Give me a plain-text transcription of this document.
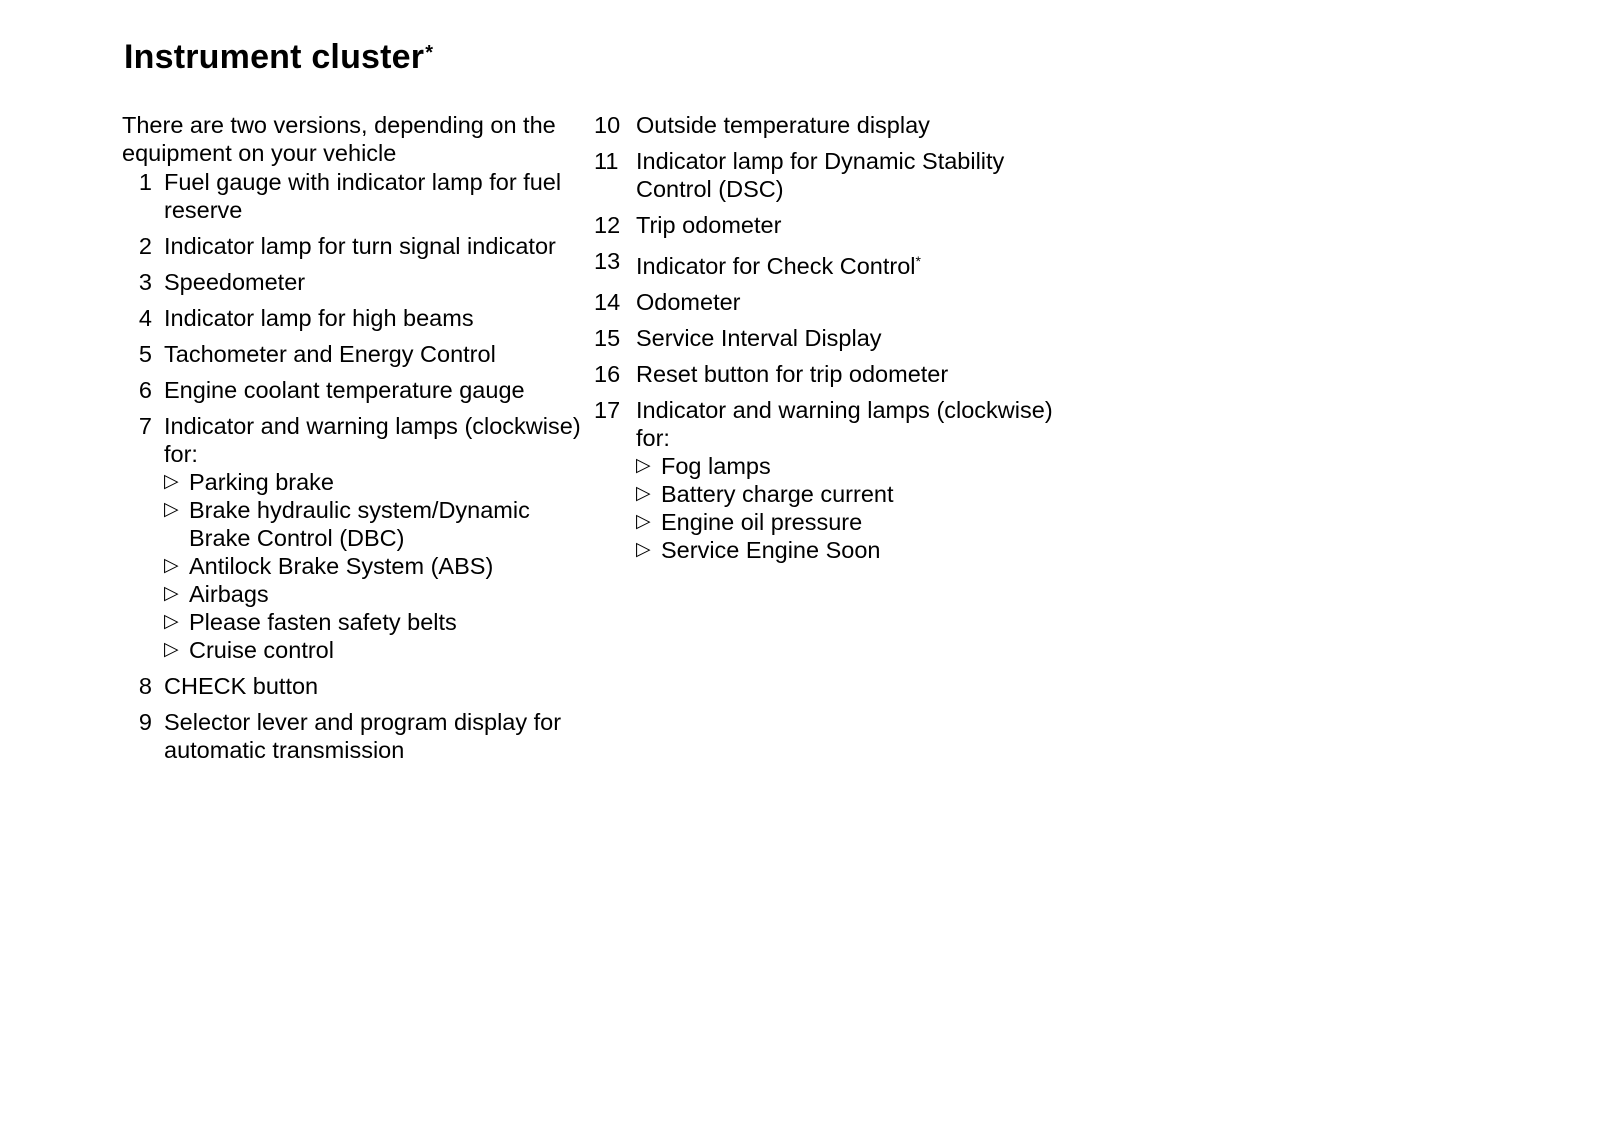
Instrument cluster*

There are two versions, depending on the equipment on your vehicle

1 Fuel gauge with indicator lamp for fuel reserve
2 Indicator lamp for turn signal indicator
3 Speedometer
4 Indicator lamp for high beams
5 Tachometer and Energy Control
6 Engine coolant temperature gauge
7 Indicator and warning lamps (clockwise) for:
▷ Parking brake
▷ Brake hydraulic system/Dynamic Brake Control (DBC)
▷ Antilock Brake System (ABS)
▷ Airbags
▷ Please fasten safety belts
▷ Cruise control
8 CHECK button
9 Selector lever and program display for automatic transmission
10 Outside temperature display
11 Indicator lamp for Dynamic Stability Control (DSC)
12 Trip odometer
13 Indicator for Check Control*
14 Odometer
15 Service Interval Display
16 Reset button for trip odometer
17 Indicator and warning lamps (clockwise) for:
▷ Fog lamps
▷ Battery charge current
▷ Engine oil pressure
▷ Service Engine Soon
